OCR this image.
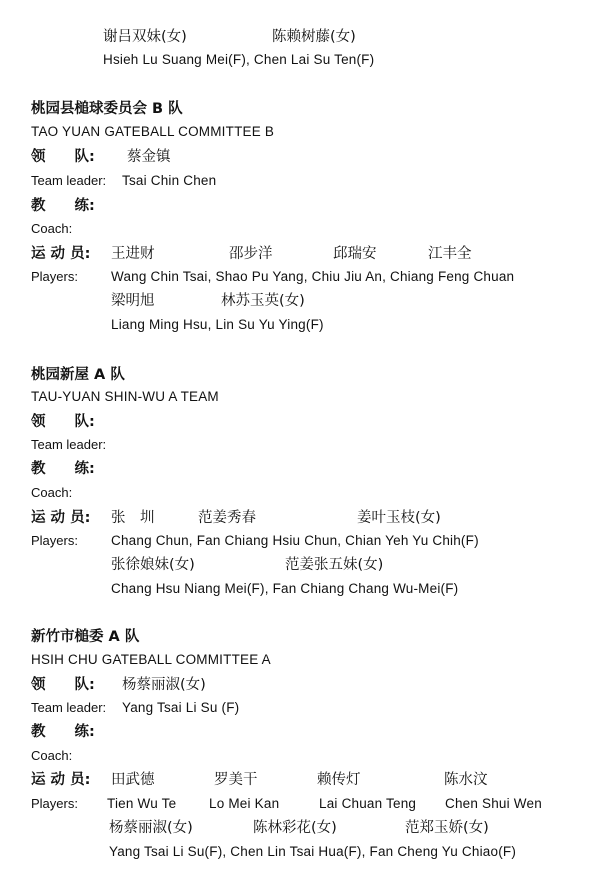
谢吕双妹(女)	陈赖树藤(女)
Hsieh Lu Suang Mei(F), Chen Lai Su Ten(F)
桃园县槌球委员会 B 队
TAO YUAN GATEBALL COMMITTEE B
领　　队: 蔡金镇
Team leader: Tsai Chin Chen
教　　练:
Coach:
运 动 员: 王进财	邵步洋	邱瑞安	江丰全
Players: Wang Chin Tsai, Shao Pu Yang, Chiu Jiu An, Chiang Feng Chuan
梁明旭	林苏玉英(女)
Liang Ming Hsu, Lin Su Yu Ying(F)
桃园新屋 A 队
TAU-YUAN SHIN-WU A TEAM
领　　队:
Team leader:
教　　练:
Coach:
运 动 员: 张　圳	范姜秀春	姜叶玉枝(女)
Players: Chang Chun, Fan Chiang Hsiu Chun, Chian Yeh Yu Chih(F)
张徐娘妹(女)	范姜张五妹(女)
Chang Hsu Niang Mei(F), Fan Chiang Chang Wu-Mei(F)
新竹市槌委 A 队
HSIH CHU GATEBALL COMMITTEE A
领　　队: 杨蔡丽淑(女)
Team leader: Yang Tsai Li Su (F)
教　　练:
Coach:
运 动 员: 田武德	罗美干	赖传灯	陈水汶
Players: Tien Wu Te Lo Mei Kan	Lai Chuan Teng Chen Shui Wen
杨蔡丽淑(女)	陈林彩花(女)	范郑玉娇(女)
Yang Tsai Li Su(F), Chen Lin Tsai Hua(F), Fan Cheng Yu Chiao(F)
